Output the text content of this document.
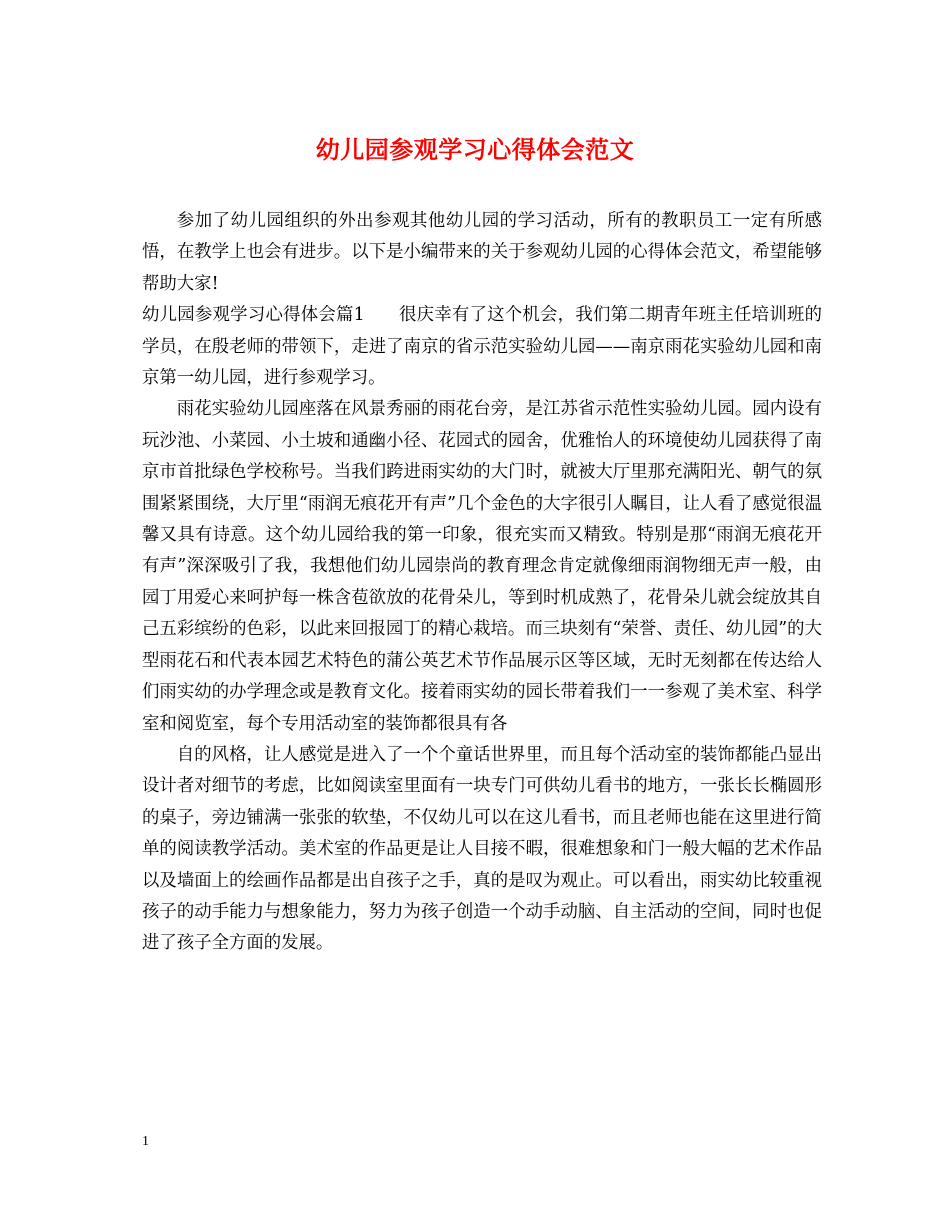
幼儿园参观学习心得体会范文

参加了幼儿园组织的外出参观其他幼儿园的学习活动，所有的教职员工一定有所感悟，在教学上也会有进步。以下是小编带来的关于参观幼儿园的心得体会范文，希望能够帮助大家!

幼儿园参观学习心得体会篇1 很庆幸有了这个机会，我们第二期青年班主任培训班的学员，在殷老师的带领下，走进了南京的省示范实验幼儿园——南京雨花实验幼儿园和南京第一幼儿园，进行参观学习。

雨花实验幼儿园座落在风景秀丽的雨花台旁，是江苏省示范性实验幼儿园。园内设有玩沙池、小菜园、小土坡和通幽小径、花园式的园舍，优雅怡人的环境使幼儿园获得了南京市首批绿色学校称号。当我们跨进雨实幼的大门时，就被大厅里那充满阳光、朝气的氛围紧紧围绕，大厅里“雨润无痕花开有声”几个金色的大字很引人瞩目，让人看了感觉很温馨又具有诗意。这个幼儿园给我的第一印象，很充实而又精致。特别是那“雨润无痕花开有声”深深吸引了我，我想他们幼儿园崇尚的教育理念肯定就像细雨润物细无声一般，由园丁用爱心来呵护每一株含苞欲放的花骨朵儿，等到时机成熟了，花骨朵儿就会绽放其自己五彩缤纷的色彩，以此来回报园丁的精心栽培。而三块刻有“荣誉、责任、幼儿园”的大型雨花石和代表本园艺术特色的蒲公英艺术节作品展示区等区域，无时无刻都在传达给人们雨实幼的办学理念或是教育文化。接着雨实幼的园长带着我们一一参观了美术室、科学室和阅览室，每个专用活动室的装饰都很具有各

自的风格，让人感觉是进入了一个个童话世界里，而且每个活动室的装饰都能凸显出设计者对细节的考虑，比如阅读室里面有一块专门可供幼儿看书的地方，一张长长椭圆形的桌子，旁边铺满一张张的软垫，不仅幼儿可以在这儿看书，而且老师也能在这里进行简单的阅读教学活动。美术室的作品更是让人目接不暇，很难想象和门一般大幅的艺术作品以及墙面上的绘画作品都是出自孩子之手，真的是叹为观止。可以看出，雨实幼比较重视孩子的动手能力与想象能力，努力为孩子创造一个动手动脑、自主活动的空间，同时也促进了孩子全方面的发展。

1
